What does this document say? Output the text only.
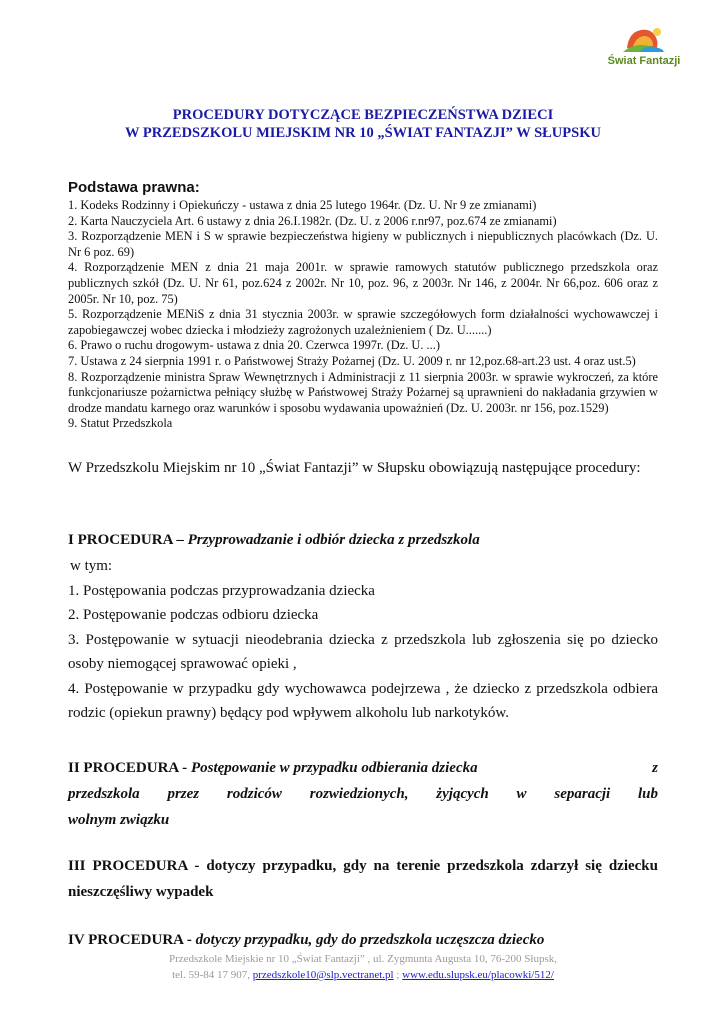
Świat Fantazji
PROCEDURY DOTYCZĄCE BEZPIECZEŃSTWA DZIECI
W PRZEDSZKOLU MIEJSKIM NR 10 „ŚWIAT FANTAZJI” W SŁUPSKU
Podstawa prawna:
1. Kodeks Rodzinny i Opiekuńczy - ustawa z dnia 25 lutego 1964r. (Dz. U. Nr 9 ze zmianami)
2. Karta Nauczyciela Art. 6 ustawy z dnia 26.I.1982r. (Dz. U. z 2006 r.nr97, poz.674 ze zmianami)
3. Rozporządzenie MEN i S w sprawie bezpieczeństwa higieny w publicznych i niepublicznych placówkach (Dz. U. Nr 6 poz. 69)
4. Rozporządzenie MEN z dnia 21 maja 2001r. w sprawie ramowych statutów publicznego przedszkola oraz publicznych szkół (Dz. U. Nr 61, poz.624 z 2002r. Nr 10, poz. 96, z 2003r. Nr 146, z 2004r. Nr 66,poz. 606 oraz z 2005r. Nr 10, poz. 75)
5. Rozporządzenie MENiS z dnia 31 stycznia 2003r. w sprawie szczegółowych form działalności wychowawczej i zapobiegawczej wobec dziecka i młodzieży zagrożonych uzależnieniem ( Dz. U.......)
6. Prawo o ruchu drogowym- ustawa z dnia 20. Czerwca 1997r. (Dz. U. ...)
7. Ustawa z 24 sierpnia 1991 r. o Państwowej Straży Pożarnej (Dz. U. 2009 r. nr 12,poz.68-art.23 ust. 4 oraz ust.5)
8. Rozporządzenie ministra Spraw Wewnętrznych i Administracji z 11 sierpnia 2003r. w sprawie wykroczeń, za które funkcjonariusze pożarnictwa pełniący służbę w Państwowej Straży Pożarnej są uprawnieni do nakładania grzywien w drodze mandatu karnego oraz warunków i sposobu wydawania upoważnień (Dz. U. 2003r. nr 156, poz.1529)
9. Statut Przedszkola
W Przedszkolu Miejskim nr 10 „Świat Fantazji” w Słupsku obowiązują następujące procedury:
I PROCEDURA – Przyprowadzanie i odbiór dziecka z przedszkola
w tym:
1. Postępowania podczas przyprowadzania dziecka
2. Postępowanie podczas odbioru dziecka
3. Postępowanie w sytuacji nieodebrania dziecka z przedszkola lub zgłoszenia się po dziecko osoby niemogącej sprawować opieki ,
4. Postępowanie w przypadku gdy wychowawca podejrzewa , że dziecko z przedszkola odbiera rodzic (opiekun prawny) będący pod wpływem alkoholu lub narkotyków.
II PROCEDURA - Postępowanie w przypadku odbierania dziecka	z
przedszkola przez rodziców rozwiedzionych, żyjących w separacji lub
wolnym związku
III PROCEDURA - dotyczy przypadku, gdy na terenie przedszkola zdarzył się dziecku nieszczęśliwy wypadek
IV PROCEDURA - dotyczy przypadku, gdy do przedszkola uczęszcza dziecko
Przedszkole Miejskie nr 10 „Świat Fantazji” , ul. Zygmunta Augusta 10, 76-200 Słupsk,
tel. 59-84 17 907, przedszkole10@slp.vectranet.pl ; www.edu.slupsk.eu/placowki/512/
